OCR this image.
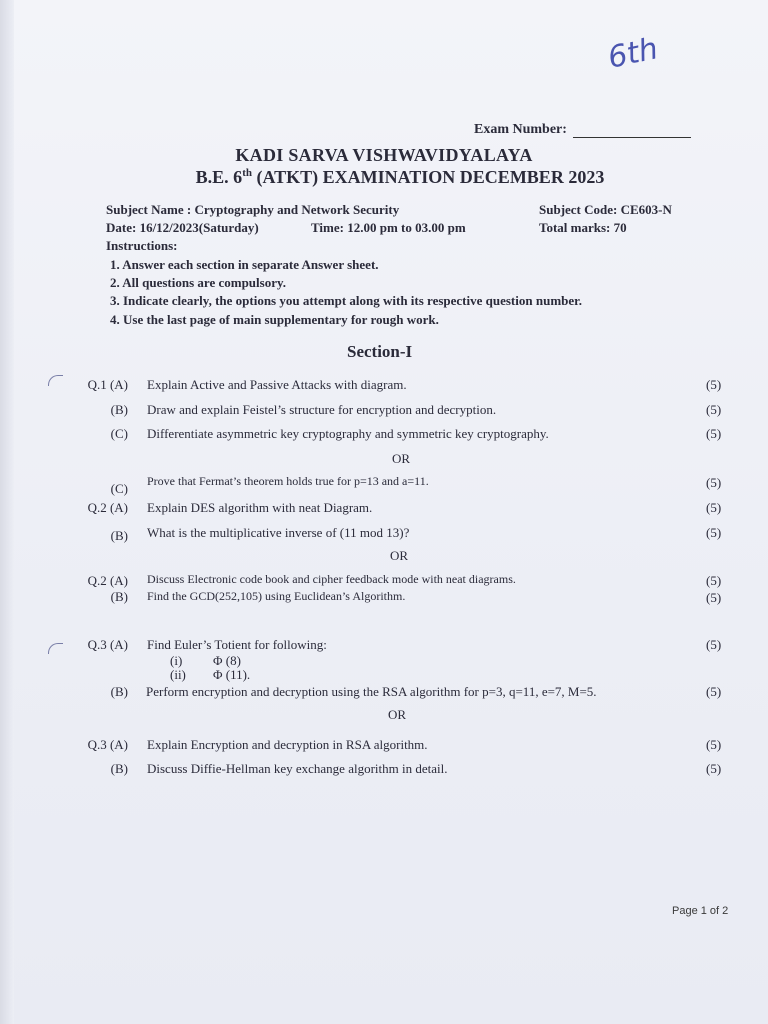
6th
Exam Number:
KADI SARVA VISHWAVIDYALAYA
B.E. 6th (ATKT) EXAMINATION DECEMBER 2023
Subject Name : Cryptography and Network Security	Subject Code: CE603-N
Date: 16/12/2023(Saturday)	Time: 12.00 pm to 03.00 pm	Total marks: 70
Instructions:
1. Answer each section in separate Answer sheet.
2. All questions are compulsory.
3. Indicate clearly, the options you attempt along with its respective question number.
4. Use the last page of main supplementary for rough work.
Section-I
Q.1 (A) Explain Active and Passive Attacks with diagram.	(5)
(B) Draw and explain Feistel’s structure for encryption and decryption.	(5)
(C) Differentiate asymmetric key cryptography and symmetric key cryptography.	(5)
OR
(C) Prove that Fermat’s theorem holds true for p=13 and a=11.	(5)
Q.2 (A) Explain DES algorithm with neat Diagram.	(5)
(B) What is the multiplicative inverse of (11 mod 13)?	(5)
OR
Q.2 (A) Discuss Electronic code book and cipher feedback mode with neat diagrams.	(5)
(B) Find the GCD(252,105) using Euclidean’s Algorithm.	(5)
Q.3 (A) Find Euler’s Totient for following:	(5)
(i) Φ (8)
(ii) Φ (11).
(B) Perform encryption and decryption using the RSA algorithm for p=3, q=11, e=7, M=5.	(5)
OR
Q.3 (A) Explain Encryption and decryption in RSA algorithm.	(5)
(B) Discuss Diffie-Hellman key exchange algorithm in detail.	(5)
Page 1 of 2
